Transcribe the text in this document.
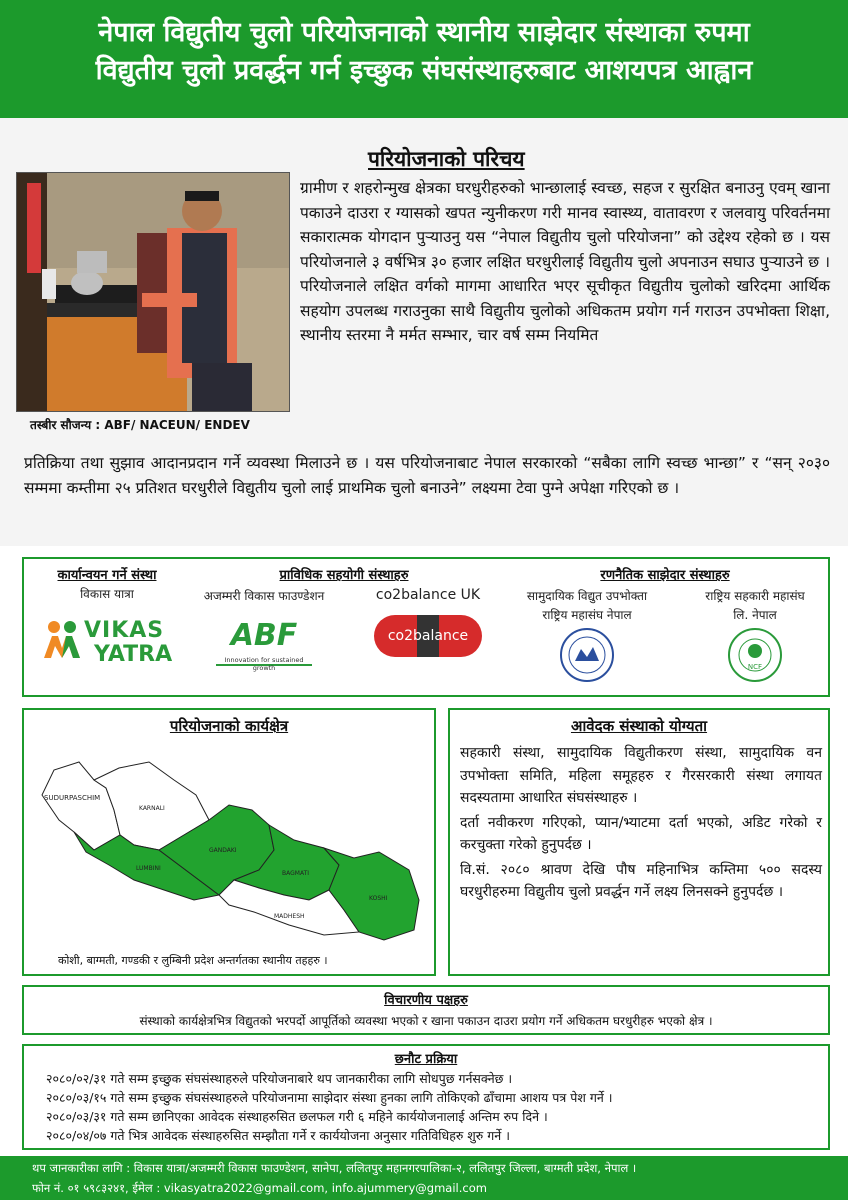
नेपाल विद्युतीय चुलो परियोजनाको स्थानीय साझेदार संस्थाका रुपमा
विद्युतीय चुलो प्रवर्द्धन गर्न इच्छुक संघसंस्थाहरुबाट आशयपत्र आह्वान
तस्बीर सौजन्य : ABF/ NACEUN/ ENDEV
परियोजनाको परिचय
ग्रामीण र शहरोन्मुख क्षेत्रका घरधुरीहरुको भान्छालाई स्वच्छ, सहज र सुरक्षित बनाउनु एवम् खाना पकाउने दाउरा र ग्यासको खपत न्युनीकरण गरी मानव स्वास्थ्य, वातावरण र जलवायु परिवर्तनमा सकारात्मक योगदान पुऱ्याउनु यस “नेपाल विद्युतीय चुलो परियोजना” को उद्देश्य रहेको छ । यस परियोजनाले ३ वर्षभित्र ३० हजार लक्षित घरधुरीलाई विद्युतीय चुलो अपनाउन सघाउ पुऱ्याउने छ । परियोजनाले लक्षित वर्गको मागमा आधारित भएर सूचीकृत विद्युतीय चुलोको खरिदमा आर्थिक सहयोग उपलब्ध गराउनुका साथै विद्युतीय चुलोको अधिकतम प्रयोग गर्न गराउन उपभोक्ता शिक्षा, स्थानीय स्तरमा नै मर्मत सम्भार, चार वर्ष सम्म नियमित
प्रतिक्रिया तथा सुझाव आदानप्रदान गर्ने व्यवस्था मिलाउने छ । यस परियोजनाबाट नेपाल सरकारको “सबैका लागि स्वच्छ भान्छा” र “सन् २०३० सम्ममा कम्तीमा २५ प्रतिशत घरधुरीले विद्युतीय चुलो लाई प्राथमिक चुलो बनाउने” लक्ष्यमा टेवा पुग्ने अपेक्षा गरिएको छ ।
कार्यान्वयन गर्ने संस्था
विकास यात्रा
VIKAS
YATRA
प्राविधिक सहयोगी संस्थाहरु
अजम्मरी विकास फाउण्डेशन
ABF
Innovation for sustained growth
co2balance UK
co2balance
रणनैतिक साझेदार संस्थाहरु
सामुदायिक विद्युत उपभोक्ता
राष्ट्रिय महासंघ नेपाल
राष्ट्रिय सहकारी महासंघ
लि. नेपाल
NCF
परियोजनाको कार्यक्षेत्र
SUDURPASCHIM
KARNALI
LUMBINI
GANDAKI
BAGMATI
MADHESH
KOSHI
कोशी, बाग्मती, गण्डकी र लुम्बिनी प्रदेश अन्तर्गतका स्थानीय तहहरु ।
आवेदक संस्थाको योग्यता

सहकारी संस्था, सामुदायिक विद्युतीकरण संस्था, सामुदायिक वन उपभोक्ता समिति, महिला समूहहरु र गैरसरकारी संस्था लगायत सदस्यतामा आधारित संघसंस्थाहरु ।

दर्ता नवीकरण गरिएको, प्यान/भ्याटमा दर्ता भएको, अडिट गरेको र करचुक्ता गरेको हुनुपर्दछ ।

वि.सं. २०८० श्रावण देखि पौष महिनाभित्र कम्तिमा ५०० सदस्य घरधुरीहरुमा विद्युतीय चुलो प्रवर्द्धन गर्ने लक्ष्य लिनसक्ने हुनुपर्दछ ।

विचारणीय पक्षहरु
संस्थाको कार्यक्षेत्रभित्र विद्युतको भरपर्दो आपूर्तिको व्यवस्था भएको र खाना पकाउन दाउरा प्रयोग गर्ने अधिकतम घरधुरीहरु भएको क्षेत्र ।
छनौट प्रक्रिया
२०८०/०२/३१ गते सम्म इच्छुक संघसंस्थाहरुले परियोजनाबारे थप जानकारीका लागि सोधपुछ गर्नसक्नेछ ।
२०८०/०३/१५ गते सम्म इच्छुक संघसंस्थाहरुले परियोजनामा साझेदार संस्था हुनका लागि तोकिएको ढाँचामा आशय पत्र पेश गर्ने ।
२०८०/०३/३१ गते सम्म छानिएका आवेदक संस्थाहरुसित छलफल गरी ६ महिने कार्ययोजनालाई अन्तिम रुप दिने ।
२०८०/०४/०७ गते भित्र आवेदक संस्थाहरुसित सम्झौता गर्ने र कार्ययोजना अनुसार गतिविधिहरु शुरु गर्ने ।
थप जानकारीका लागि : विकास यात्रा/अजम्मरी विकास फाउण्डेशन, सानेपा, ललितपुर महानगरपालिका-२, ललितपुर जिल्ला, बाग्मती प्रदेश, नेपाल ।
फोन नं. ०१ ५९८३२४१, ईमेल : vikasyatra2022@gmail.com, info.ajummery@gmail.com
